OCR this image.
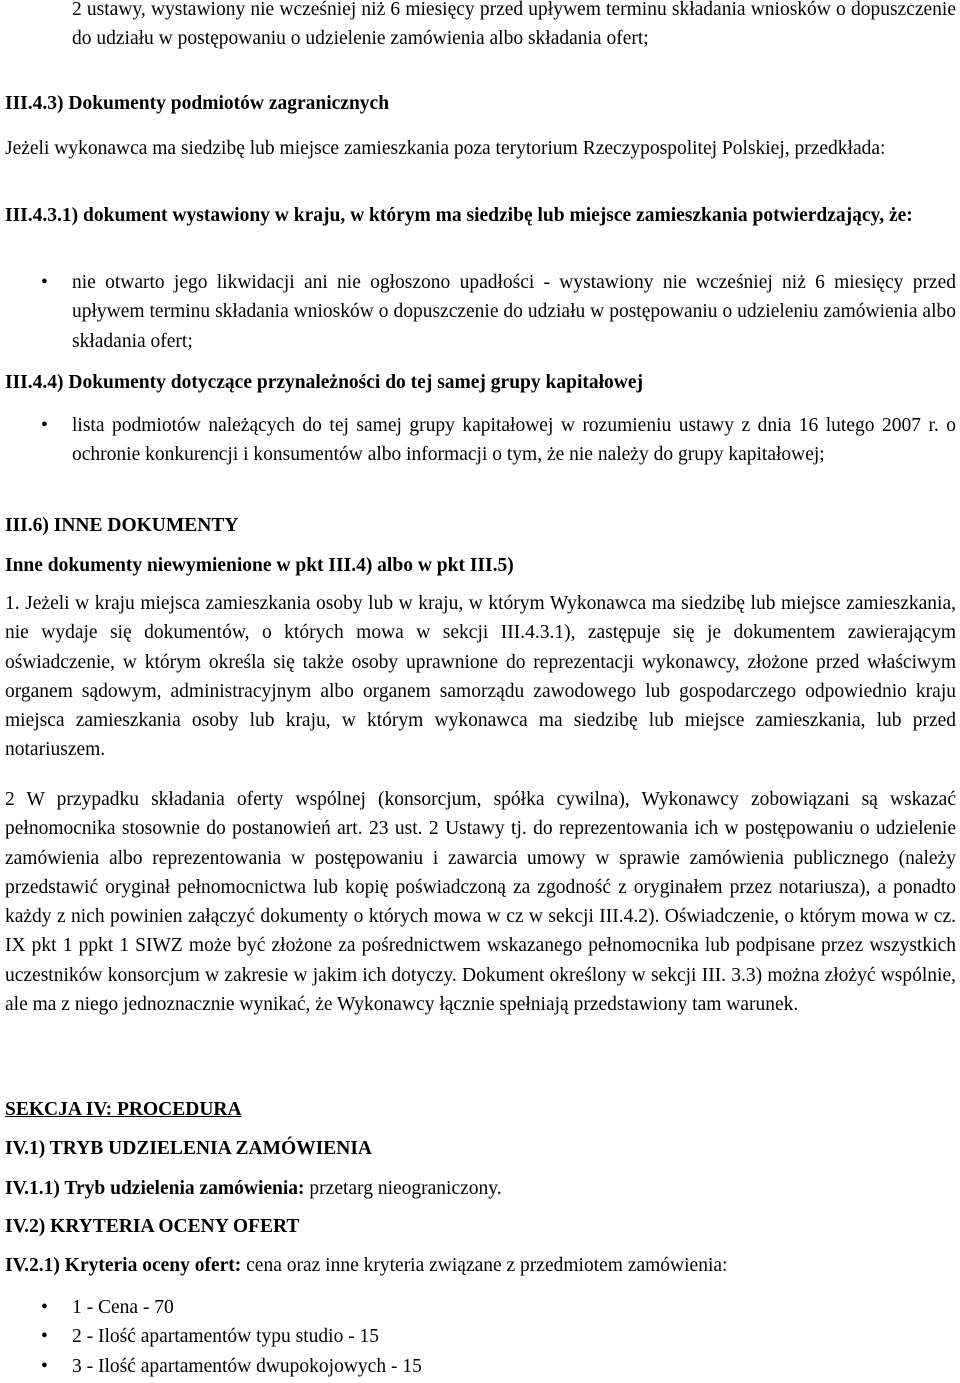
2 ustawy, wystawiony nie wcześniej niż 6 miesięcy przed upływem terminu składania wniosków o dopuszczenie do udziału w postępowaniu o udzielenie zamówienia albo składania ofert;

III.4.3) Dokumenty podmiotów zagranicznych

Jeżeli wykonawca ma siedzibę lub miejsce zamieszkania poza terytorium Rzeczypospolitej Polskiej, przedkłada:

III.4.3.1) dokument wystawiony w kraju, w którym ma siedzibę lub miejsce zamieszkania potwierdzający, że:

• nie otwarto jego likwidacji ani nie ogłoszono upadłości - wystawiony nie wcześniej niż 6 miesięcy przed upływem terminu składania wniosków o dopuszczenie do udziału w postępowaniu o udzieleniu zamówienia albo składania ofert;

III.4.4) Dokumenty dotyczące przynależności do tej samej grupy kapitałowej

• lista podmiotów należących do tej samej grupy kapitałowej w rozumieniu ustawy z dnia 16 lutego 2007 r. o ochronie konkurencji i konsumentów albo informacji o tym, że nie należy do grupy kapitałowej;

III.6) INNE DOKUMENTY

Inne dokumenty niewymienione w pkt III.4) albo w pkt III.5)

1. Jeżeli w kraju miejsca zamieszkania osoby lub w kraju, w którym Wykonawca ma siedzibę lub miejsce zamieszkania, nie wydaje się dokumentów, o których mowa w sekcji III.4.3.1), zastępuje się je dokumentem zawierającym oświadczenie, w którym określa się także osoby uprawnione do reprezentacji wykonawcy, złożone przed właściwym organem sądowym, administracyjnym albo organem samorządu zawodowego lub gospodarczego odpowiednio kraju miejsca zamieszkania osoby lub kraju, w którym wykonawca ma siedzibę lub miejsce zamieszkania, lub przed notariuszem.

2 W przypadku składania oferty wspólnej (konsorcjum, spółka cywilna), Wykonawcy zobowiązani są wskazać pełnomocnika stosownie do postanowień art. 23 ust. 2 Ustawy tj. do reprezentowania ich w postępowaniu o udzielenie zamówienia albo reprezentowania w postępowaniu i zawarcia umowy w sprawie zamówienia publicznego (należy przedstawić oryginał pełnomocnictwa lub kopię poświadczoną za zgodność z oryginałem przez notariusza), a ponadto każdy z nich powinien załączyć dokumenty o których mowa w cz w sekcji III.4.2). Oświadczenie, o którym mowa w cz. IX pkt 1 ppkt 1 SIWZ może być złożone za pośrednictwem wskazanego pełnomocnika lub podpisane przez wszystkich uczestników konsorcjum w zakresie w jakim ich dotyczy. Dokument określony w sekcji III. 3.3) można złożyć wspólnie, ale ma z niego jednoznacznie wynikać, że Wykonawcy łącznie spełniają przedstawiony tam warunek.

SEKCJA IV: PROCEDURA

IV.1) TRYB UDZIELENIA ZAMÓWIENIA

IV.1.1) Tryb udzielenia zamówienia: przetarg nieograniczony.

IV.2) KRYTERIA OCENY OFERT

IV.2.1) Kryteria oceny ofert: cena oraz inne kryteria związane z przedmiotem zamówienia:

• 1 - Cena - 70
• 2 - Ilość apartamentów typu studio - 15
• 3 - Ilość apartamentów dwupokojowych - 15
